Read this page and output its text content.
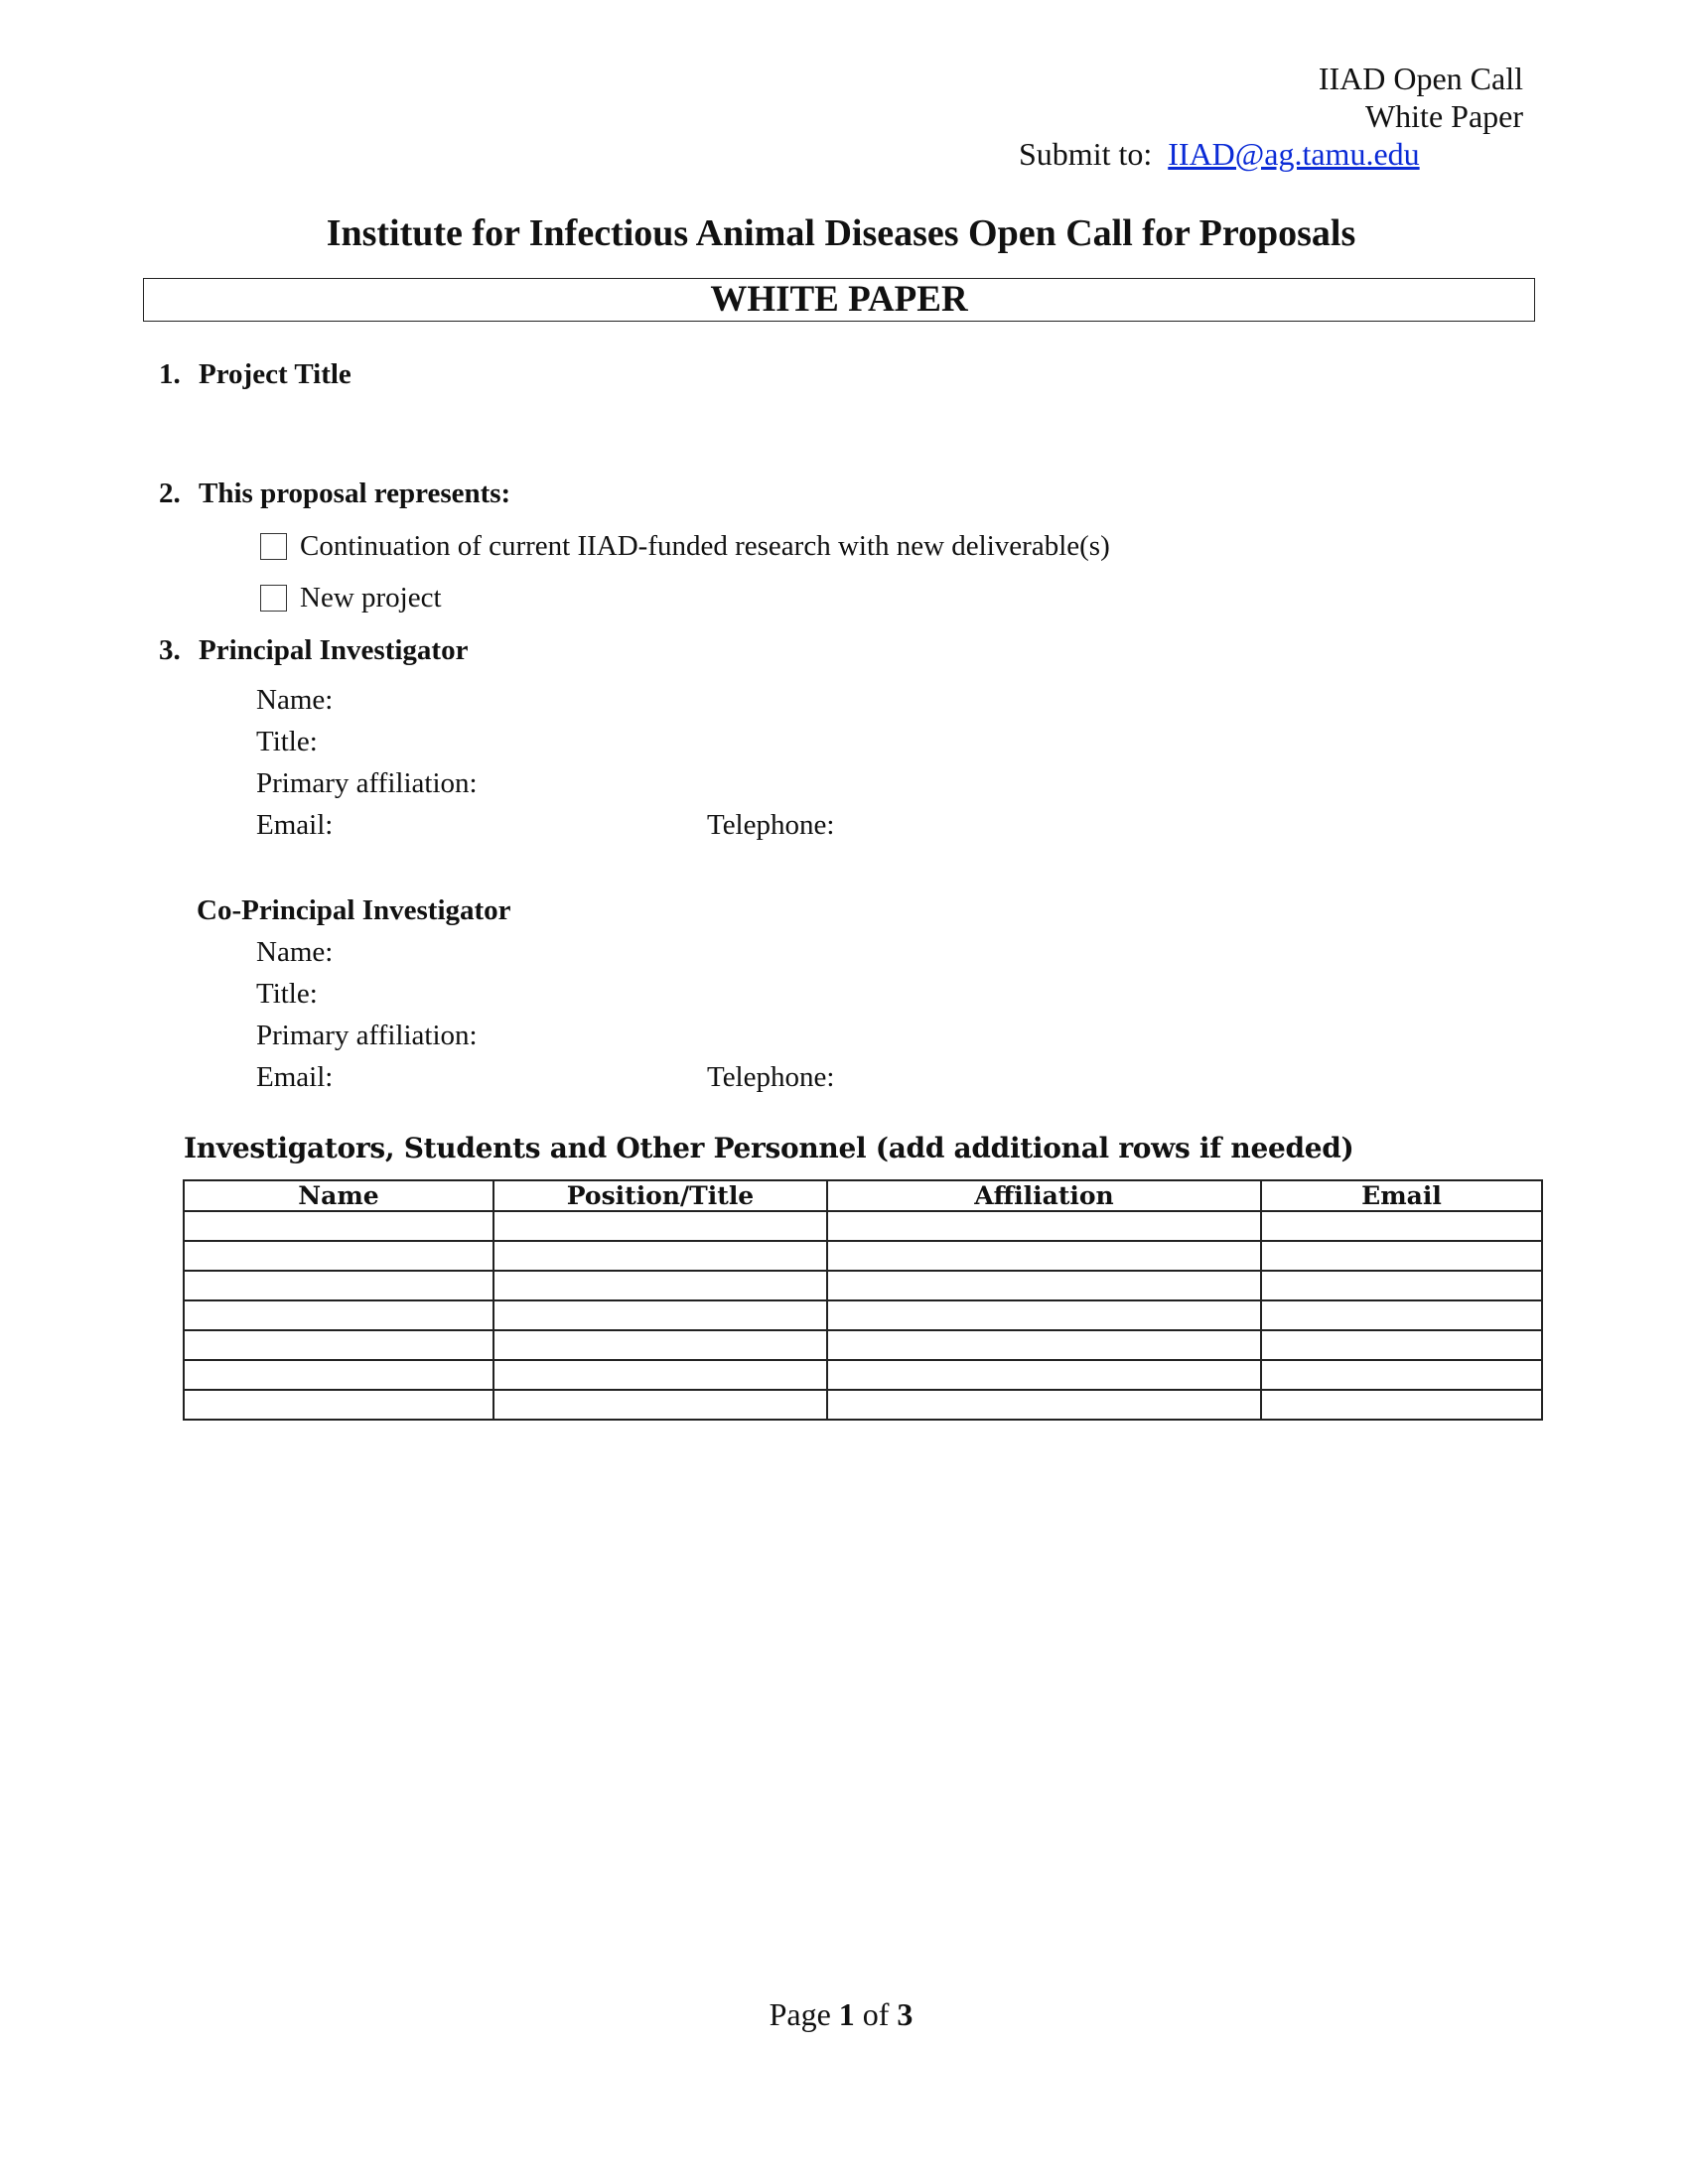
IIAD Open Call
White Paper
Submit to: IIAD@ag.tamu.edu
Institute for Infectious Animal Diseases Open Call for Proposals
WHITE PAPER
1. Project Title
2. This proposal represents:
Continuation of current IIAD-funded research with new deliverable(s)
New project
3. Principal Investigator
Name:
Title:
Primary affiliation:
Email:	Telephone:
Co-Principal Investigator
Name:
Title:
Primary affiliation:
Email:	Telephone:
Investigators, Students and Other Personnel (add additional rows if needed)
Name	Position/Title	Affiliation	Email

Page 1 of 3
